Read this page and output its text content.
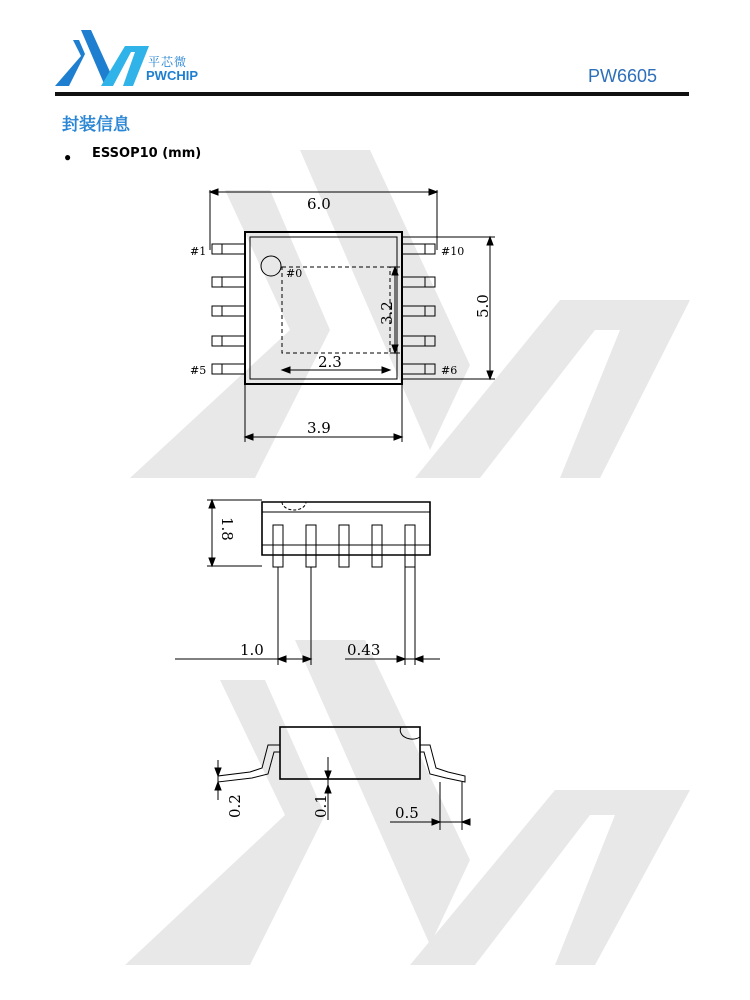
6.0
3.9
2.3
5.0
3.2
#1
#5
#10
#6
#0
1.8
1.0	0.43
0.2	0.1	0.5
平芯微
PWCHIP	PW6605
封装信息
● ESSOP10 (mm)
